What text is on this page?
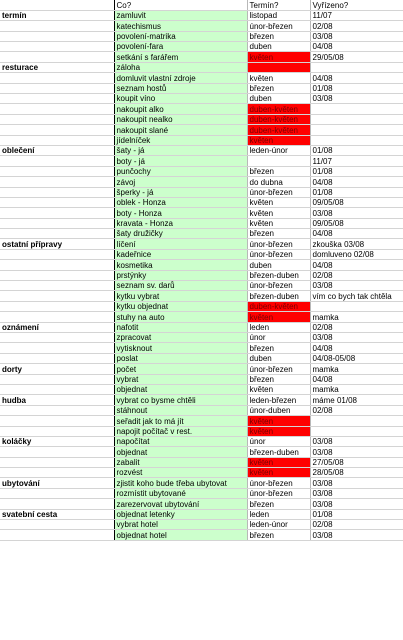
	Co?	Termín?	Vyřízeno?
termín	zamluvit	listopad	11/07
	katechismus	únor-březen	02/08
	povolení-matrika	březen	03/08
	povolení-fara	duben	04/08
	setkání s farářem	květen	29/05/08
resturace	záloha		
	domluvit vlastní zdroje	květen	04/08
	seznam hostů	březen	01/08
	koupit víno	duben	03/08
	nakoupit alko	duben-květen	
	nakoupit nealko	duben-květen	
	nakoupit slané	duben-květen	
	jídelníček	květen	
oblečení	šaty - já	leden-únor	01/08
	boty - já		11/07
	punčochy	březen	01/08
	závoj	do dubna	04/08
	šperky - já	únor-březen	01/08
	oblek - Honza	květen	09/05/08
	boty - Honza	květen	03/08
	kravata - Honza	květen	09/05/08
	šaty družičky	březen	04/08
ostatní přípravy	líčení	únor-březen	zkouška 03/08
	kadeřnice	únor-březen	domluveno 02/08
	kosmetika	duben	04/08
	prstýnky	březen-duben	02/08
	seznam sv. darů	únor-březen	03/08
	kytku vybrat	březen-duben	vím co bych tak chtěla
	kytku objednat	duben-květen	
	stuhy na auto	květen	mamka
oznámení	nafotit	leden	02/08
	zpracovat	únor	03/08
	vytisknout	březen	04/08
	poslat	duben	04/08-05/08
dorty	počet	únor-březen	mamka
	vybrat	březen	04/08
	objednat	květen	mamka
hudba	vybrat co bysme chtěli	leden-březen	máme 01/08
	stáhnout	únor-duben	02/08
	seřadit jak to má jít	květen	
	napojit počítač v rest.	květen	
koláčky	napočítat	únor	03/08
	objednat	březen-duben	03/08
	zabalit	květen	27/05/08
	rozvést	květen	28/05/08
ubytování	zjistit koho bude třeba ubytovat	únor-březen	03/08
	rozmístit ubytované	únor-březen	03/08
	zarezervovat ubytování	březen	03/08
svatební cesta	objednat letenky	leden	01/08
	vybrat hotel	leden-únor	02/08
	objednat hotel	březen	03/08
